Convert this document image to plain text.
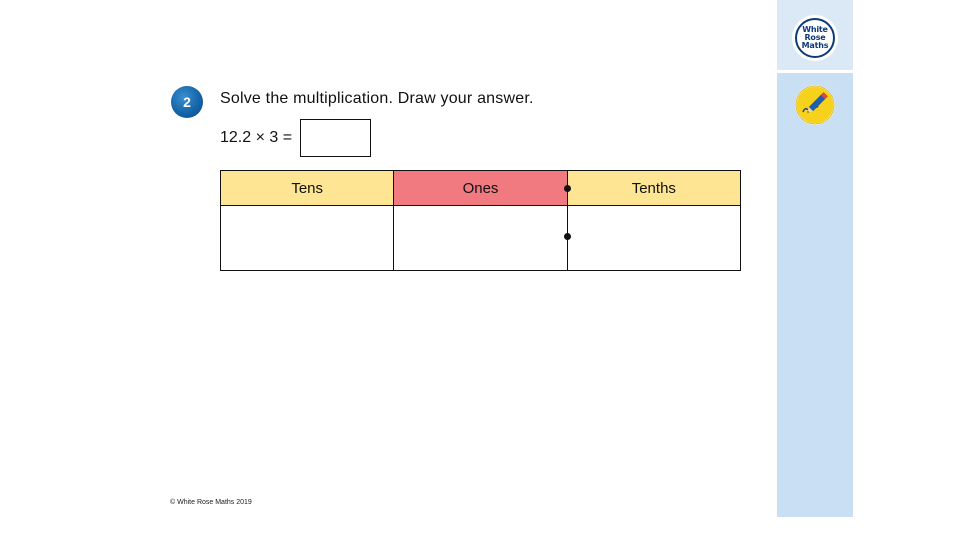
White
Rose
Maths
2	Solve the multiplication. Draw your answer.
12.2 × 3 =
Tens	Ones	Tenths

© White Rose Maths 2019
